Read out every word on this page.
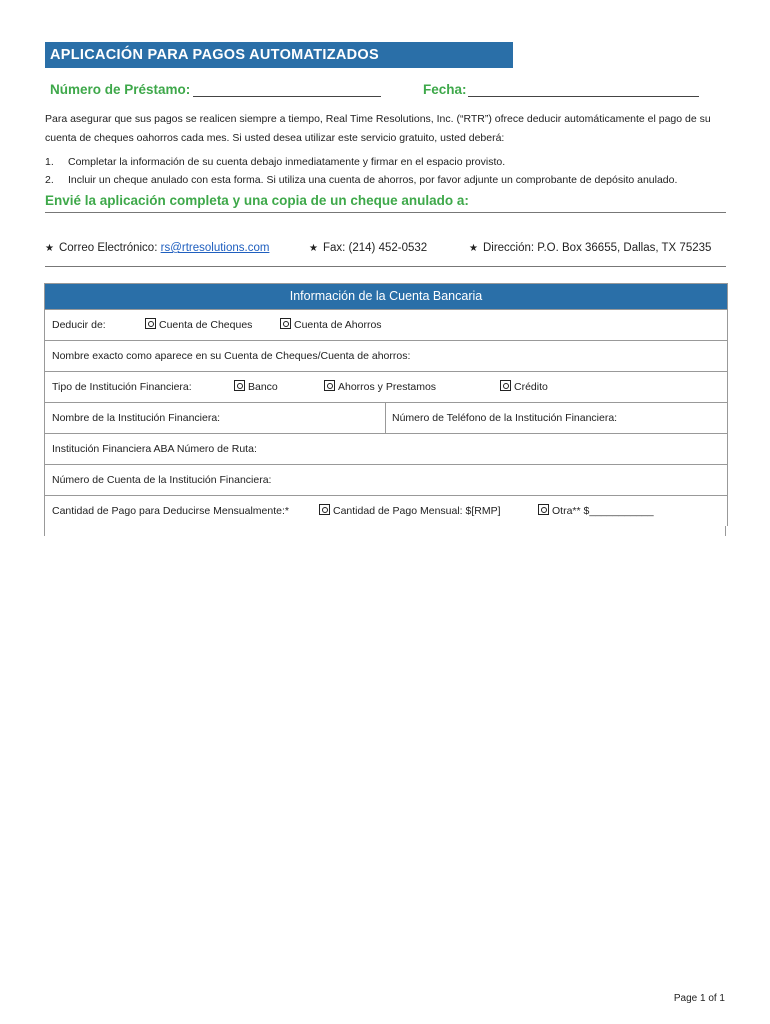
APLICACIÓN PARA PAGOS AUTOMATIZADOS
Número de Préstamo:	Fecha:
Para asegurar que sus pagos se realicen siempre a tiempo, Real Time Resolutions, Inc. (“RTR”) ofrece deducir automáticamente el pago de su cuenta de cheques oahorros cada mes. Si usted desea utilizar este servicio gratuito, usted deberá:
1. Completar la información de su cuenta debajo inmediatamente y firmar en el espacio provisto.
2. Incluir un cheque anulado con esta forma. Si utiliza una cuenta de ahorros, por favor adjunte un comprobante de depósito anulado.
Envié la aplicación completa y una copia de un cheque anulado a:
★ Correo Electrónico: rs@rtresolutions.com	★ Fax: (214) 452-0532	★ Dirección: P.O. Box 36655, Dallas, TX 75235
Información de la Cuenta Bancaria
Deducir de:	Cuenta de Cheques	Cuenta de Ahorros
Nombre exacto como aparece en su Cuenta de Cheques/Cuenta de ahorros:
Tipo de Institución Financiera:	Banco	Ahorros y Prestamos	Crédito
Nombre de la Institución Financiera:	Número de Teléfono de la Institución Financiera:
Institución Financiera ABA Número de Ruta:
Número de Cuenta de la Institución Financiera:
Cantidad de Pago para Deducirse Mensualmente:*	Cantidad de Pago Mensual: $[RMP]	Otra** $___________
Page 1 of 1
